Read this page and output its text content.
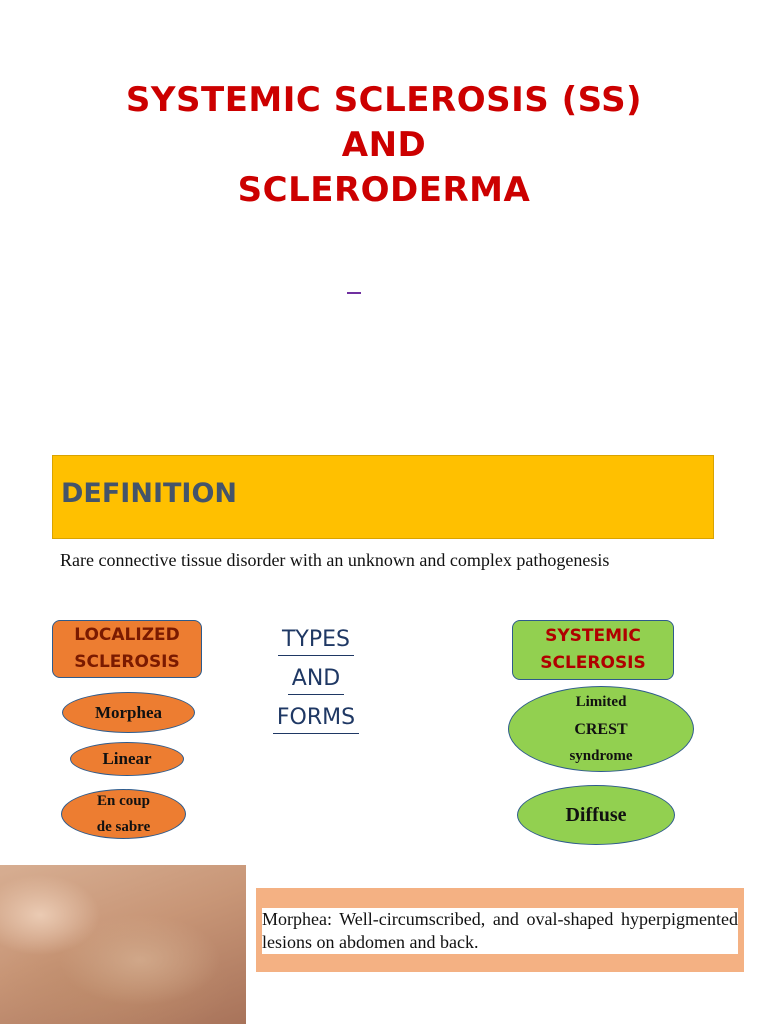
SYSTEMIC SCLEROSIS (SS)
AND
SCLERODERMA
DEFINITION
Rare connective tissue disorder with an unknown and complex pathogenesis
LOCALIZED
SCLEROSIS
Morphea
Linear
En coup
de sabre
TYPES
AND
FORMS
SYSTEMIC
SCLEROSIS
Limited
CREST
syndrome
Diffuse
Morphea: Well-circumscribed, and oval-shaped hyperpigmented lesions on abdomen and back.
